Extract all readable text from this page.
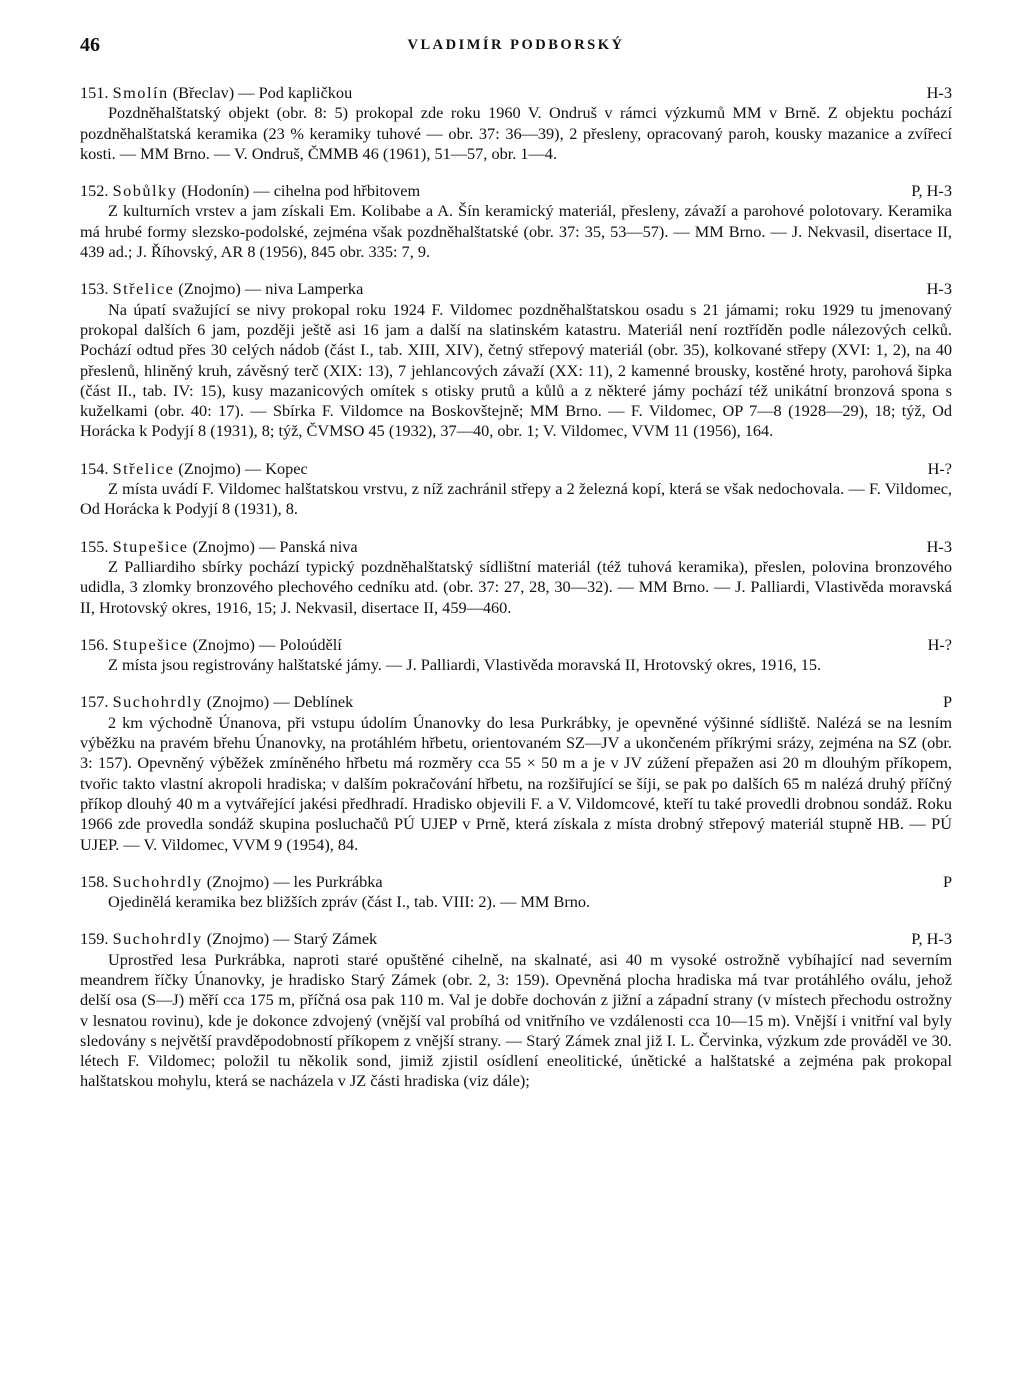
46	VLADIMÍR PODBORSKÝ
151. Smolín (Břeclav) — Pod kapličkou	H-3
Pozdněhalštatský objekt (obr. 8: 5) prokopal zde roku 1960 V. Ondruš v rámci výzkumů MM v Brně. Z objektu pochází pozdněhalštatská keramika (23 % keramiky tuhové — obr. 37: 36—39), 2 přesleny, opracovaný paroh, kousky mazanice a zvířecí kosti. — MM Brno. — V. Ondruš, ČMMB 46 (1961), 51—57, obr. 1—4.
152. Sobůlky (Hodonín) — cihelna pod hřbitovem	P, H-3
Z kulturních vrstev a jam získali Em. Kolibabe a A. Šín keramický materiál, přesleny, závaží a parohové polotovary. Keramika má hrubé formy slezsko-podolské, zejména však pozdněhalštatské (obr. 37: 35, 53—57). — MM Brno. — J. Nekvasil, disertace II, 439 ad.; J. Říhovský, AR 8 (1956), 845 obr. 335: 7, 9.
153. Střelice (Znojmo) — niva Lamperka	H-3
Na úpatí svažující se nivy prokopal roku 1924 F. Vildomec pozdněhalštatskou osadu s 21 jámami; roku 1929 tu jmenovaný prokopal dalších 6 jam, později ještě asi 16 jam a další na slatinském katastru. Materiál není roztříděn podle nálezových celků. Pochází odtud přes 30 celých nádob (část I., tab. XIII, XIV), četný střepový materiál (obr. 35), kolkované střepy (XVI: 1, 2), na 40 přeslenů, hliněný kruh, závěsný terč (XIX: 13), 7 jehlancových závaží (XX: 11), 2 kamenné brousky, kostěné hroty, parohová šipka (část II., tab. IV: 15), kusy mazanicových omítek s otisky prutů a kůlů a z některé jámy pochází též unikátní bronzová spona s kuželkami (obr. 40: 17). — Sbírka F. Vildomce na Boskovštejně; MM Brno. — F. Vildomec, OP 7—8 (1928—29), 18; týž, Od Horácka k Podyjí 8 (1931), 8; týž, ČVMSO 45 (1932), 37—40, obr. 1; V. Vildomec, VVM 11 (1956), 164.
154. Střelice (Znojmo) — Kopec	H-?
Z místa uvádí F. Vildomec halštatskou vrstvu, z níž zachránil střepy a 2 železná kopí, která se však nedochovala. — F. Vildomec, Od Horácka k Podyjí 8 (1931), 8.
155. Stupešice (Znojmo) — Panská niva	H-3
Z Palliardiho sbírky pochází typický pozdněhalštatský sídlištní materiál (též tuhová keramika), přeslen, polovina bronzového udidla, 3 zlomky bronzového plechového cedníku atd. (obr. 37: 27, 28, 30—32). — MM Brno. — J. Palliardi, Vlastivěda moravská II, Hrotovský okres, 1916, 15; J. Nekvasil, disertace II, 459—460.
156. Stupešice (Znojmo) — Poloúdělí	H-?
Z místa jsou registrovány halštatské jámy. — J. Palliardi, Vlastivěda moravská II, Hrotovský okres, 1916, 15.
157. Suchohrdly (Znojmo) — Deblínek	P
2 km východně Únanova, při vstupu údolím Únanovky do lesa Purkrábky, je opevněné výšinné sídliště. Nalézá se na lesním výběžku na pravém břehu Únanovky, na protáhlém hřbetu, orientovaném SZ—JV a ukončeném příkrými srázy, zejména na SZ (obr. 3: 157). Opevněný výběžek zmíněného hřbetu má rozměry cca 55 × 50 m a je v JV zúžení přepažen asi 20 m dlouhým příkopem, tvořic takto vlastní akropoli hradiska; v dalším pokračování hřbetu, na rozšiřující se šíji, se pak po dalších 65 m nalézá druhý příčný příkop dlouhý 40 m a vytvářející jakési předhradí. Hradisko objevili F. a V. Vildomcové, kteří tu také provedli drobnou sondáž. Roku 1966 zde provedla sondáž skupina posluchačů PÚ UJEP v Prně, která získala z místa drobný střepový materiál stupně HB. — PÚ UJEP. — V. Vildomec, VVM 9 (1954), 84.
158. Suchohrdly (Znojmo) — les Purkrábka	P
Ojedinělá keramika bez bližších zpráv (část I., tab. VIII: 2). — MM Brno.
159. Suchohrdly (Znojmo) — Starý Zámek	P, H-3
Uprostřed lesa Purkrábka, naproti staré opuštěné cihelně, na skalnaté, asi 40 m vysoké ostrožně vybíhající nad severním meandrem říčky Únanovky, je hradisko Starý Zámek (obr. 2, 3: 159). Opevněná plocha hradiska má tvar protáhlého oválu, jehož delší osa (S—J) měří cca 175 m, příčná osa pak 110 m. Val je dobře dochován z jižní a západní strany (v místech přechodu ostrožny v lesnatou rovinu), kde je dokonce zdvojený (vnější val probíhá od vnitřního ve vzdálenosti cca 10—15 m). Vnější i vnitřní val byly sledovány s největší pravděpodobností příkopem z vnější strany. — Starý Zámek znal již I. L. Červinka, výzkum zde prováděl ve 30. létech F. Vildomec; položil tu několik sond, jimiž zjistil osídlení eneolitické, únětické a halštatské a zejména pak prokopal halštatskou mohylu, která se nacházela v JZ části hradiska (viz dále);
